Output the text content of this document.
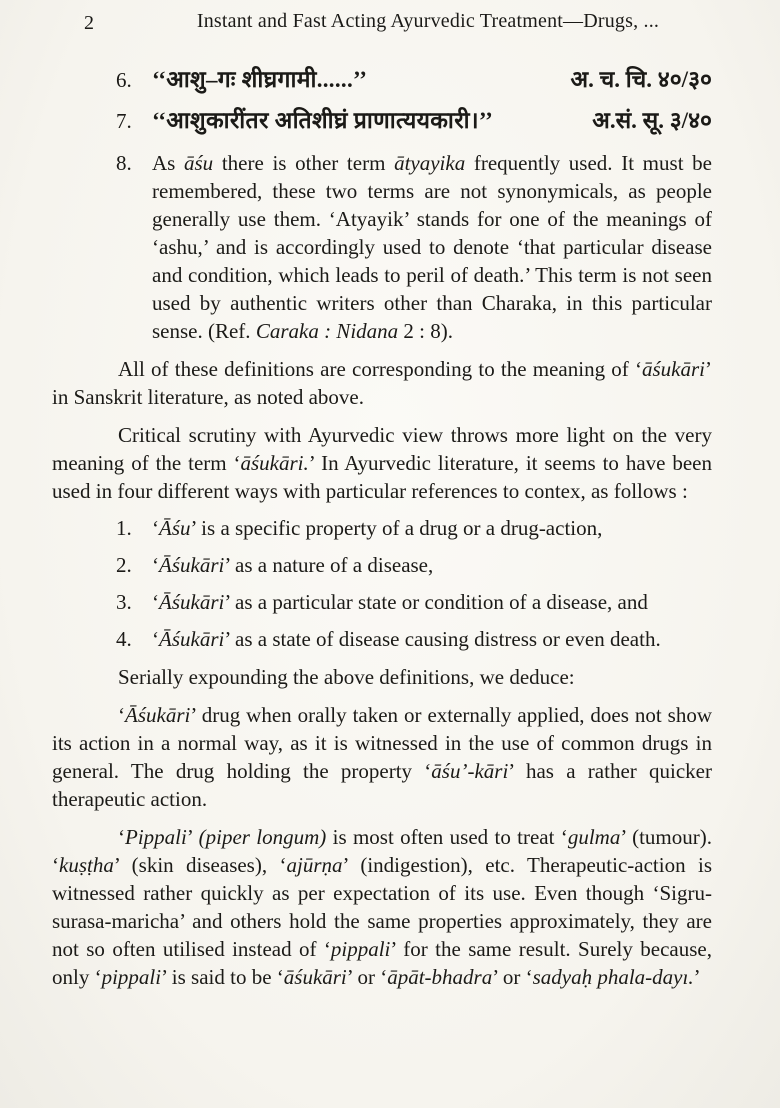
2	Instant and Fast Acting Ayurvedic Treatment—Drugs, ...
6. ‘‘आशु–गः शीघ्रगामी......’’	अ. च. चि. ४०/३०
7. ‘‘आशुकारींतर अतिशीघ्रं प्राणात्ययकारी।’’	अ.सं. सू. ३/४०
8. As āśu there is other term ātyayika frequently used. It must be remembered, these two terms are not synonymicals, as people generally use them. ‘Atyayik’ stands for one of the meanings of ‘ashu,’ and is accordingly used to denote ‘that particular disease and condition, which leads to peril of death.’ This term is not seen used by authentic writers other than Charaka, in this particular sense. (Ref. Caraka : Nidana 2 : 8).

All of these definitions are corresponding to the meaning of ‘āśukāri’ in Sanskrit literature, as noted above.

Critical scrutiny with Ayurvedic view throws more light on the very meaning of the term ‘āśukāri.’ In Ayurvedic literature, it seems to have been used in four different ways with particular references to contex, as follows :

1. ‘Āśu’ is a specific property of a drug or a drug-action,
2. ‘Āśukāri’ as a nature of a disease,
3. ‘Āśukāri’ as a particular state or condition of a disease, and
4. ‘Āśukāri’ as a state of disease causing distress or even death.

Serially expounding the above definitions, we deduce:

‘Āśukāri’ drug when orally taken or externally applied, does not show its action in a normal way, as it is witnessed in the use of common drugs in general. The drug holding the property ‘āśu’-kāri’ has a rather quicker therapeutic action.

‘Pippali’ (piper longum) is most often used to treat ‘gulma’ (tumour). ‘kuṣṭha’ (skin diseases), ‘ajūrṇa’ (indigestion), etc. Therapeutic-action is witnessed rather quickly as per expectation of its use. Even though ‘Sigru-surasa-maricha’ and others hold the same properties approximately, they are not so often utilised instead of ‘pippali’ for the same result. Surely because, only ‘pippali’ is said to be ‘āśukāri’ or ‘āpāt-bhadra’ or ‘sadyaḥ phala-dayı.’
